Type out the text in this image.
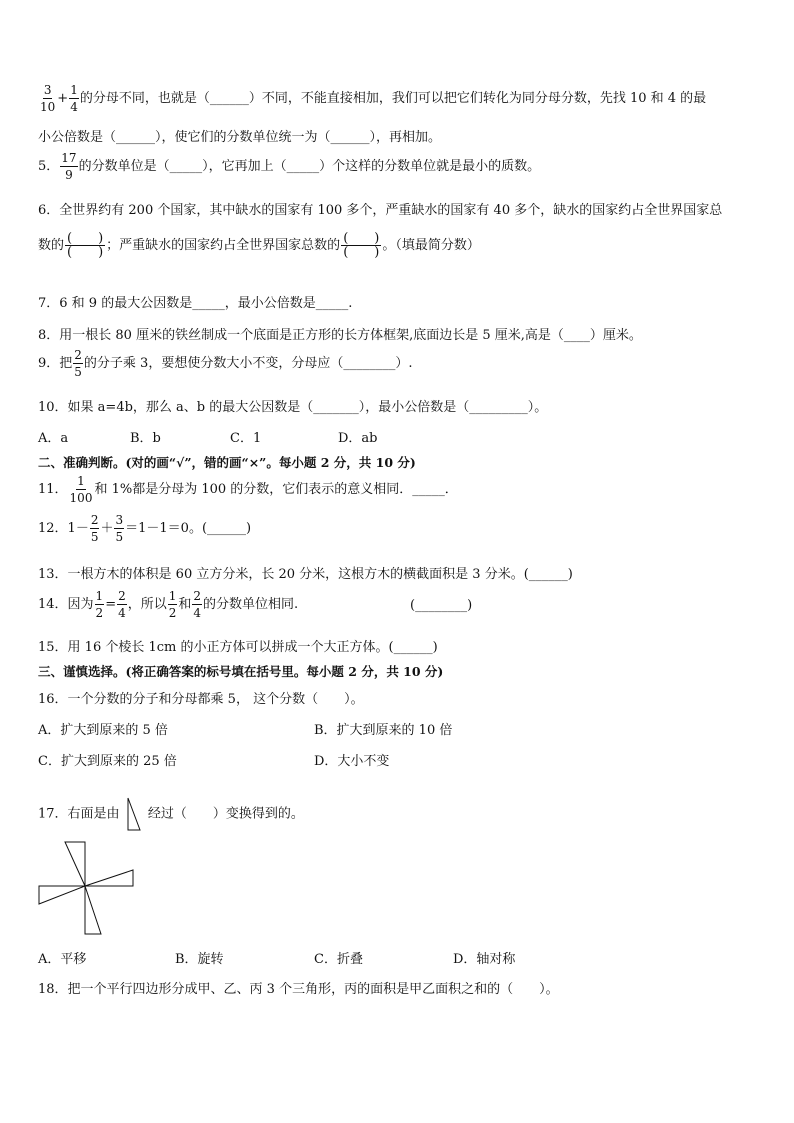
$\frac{3}{10} + \frac{1}{4}$ 的分母不同，也就是（______）不同，不能直接相加，我们可以把它们转化为同分母分数，先找 10 和 4 的最
小公倍数是（______），使它们的分数单位统一为（______），再相加。
5． $\frac{17}{9}$ 的分数单位是（_____），它再加上（_____）个这样的分数单位就是最小的质数。
6．全世界约有 200 个国家，其中缺水的国家有 100 多个，严重缺水的国家有 40 多个，缺水的国家约占全世界国家总
数的 $\frac{( )}{( )}$ ；严重缺水的国家约占全世界国家总数的 $\frac{( )}{( )}$ 。（填最简分数）
7．6 和 9 的最大公因数是_____，最小公倍数是_____.
8．用一根长 80 厘米的铁丝制成一个底面是正方形的长方体框架,底面边长是 5 厘米,高是（____）厘米。
9．把 $\frac{2}{5}$ 的分子乘 3，要想使分数大小不变，分母应（________）.
10．如果 a=4b，那么 a、b 的最大公因数是（_______），最小公倍数是（_________）。
A．a	B．b	C．1	D．ab
二、准确判断。(对的画“√”，错的画“×”。每小题 2 分，共 10 分)
11． $\frac{1}{100}$ 和 1%都是分母为 100 的分数，它们表示的意义相同．_____．
12．$1- \frac{2}{5} + \frac{3}{5} =1-1=0$。(______)
13．一根方木的体积是 60 立方分米，长 20 分米，这根方木的横截面积是 3 分米。(______)
14．因为 $\frac{1}{2} = \frac{2}{4}$ ，所以 $\frac{1}{2}$ 和 $\frac{2}{4}$ 的分数单位相同.	(________)
15．用 16 个棱长 1cm 的小正方体可以拼成一个大正方体。(______)
三、谨慎选择。(将正确答案的标号填在括号里。每小题 2 分，共 10 分)
16．一个分数的分子和分母都乘 5， 这个分数（　　）。
A．扩大到原来的 5 倍	B．扩大到原来的 10 倍
C．扩大到原来的 25 倍	D．大小不变
17．右面是由 经过（　　）变换得到的。
A．平移	B．旋转	C．折叠	D．轴对称
18．把一个平行四边形分成甲、乙、丙 3 个三角形，丙的面积是甲乙面积之和的（　　）。
